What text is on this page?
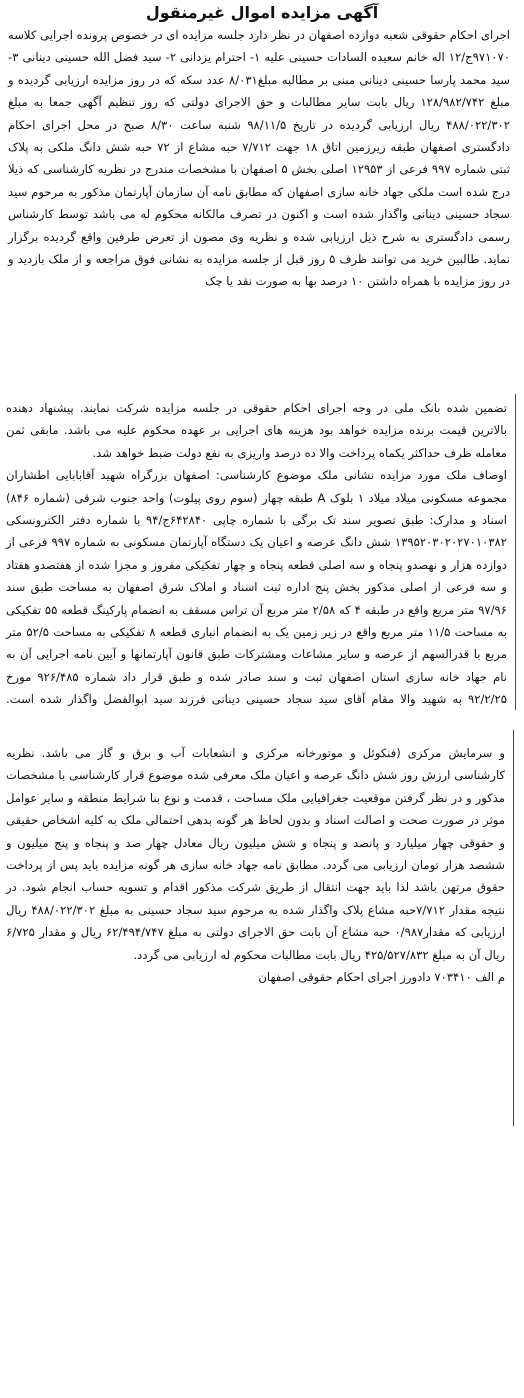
آگهی مزایده اموال غیرمنقول

اجرای احکام حقوقی شعبه دوازده اصفهان در نظر دارد جلسه مزایده ای در خصوص پرونده اجرایی کلاسه ۹۷۱۰۷۰ج/۱۲ اله خانم سعیده السادات حسینی علیه ۱- احترام یزدانی ۲- سید فضل الله حسینی دینانی ۳- سید محمد پارسا حسینی دینانی مبنی بر مطالبه مبلغ۸/۰۳۱ عدد سکه که در روز مزایده ارزیابی گردیده و مبلغ ۱۲۸/۹۸۲/۷۴۲ ریال بابت سایر مطالبات و حق الاجرای دولتی که روز تنظیم آگهی جمعا به مبلغ ۴۸۸/۰۲۲/۳۰۲ ریال ارزیابی گردیده در تاریخ ۹۸/۱۱/۵ شنبه ساعت ۸/۳۰ صبح در محل اجرای احکام دادگستری اصفهان طبقه زیرزمین اتاق ۱۸ جهت ۷/۷۱۲ حبه مشاع از ۷۲ حبه شش دانگ ملکی به پلاک ثبتی شماره ۹۹۷ فرعی از ۱۲۹۵۳ اصلی بخش ۵ اصفهان با مشخصات مندرج در نظریه کارشناسی که ذیلا درج شده است ملکی جهاد خانه سازی اصفهان که مطابق نامه آن سازمان آپارتمان مذکور به مرحوم سید سجاد حسینی دینانی واگذار شده است و اکنون در تصرف مالکانه محکوم له می باشد توسط کارشناس رسمی دادگستری به شرح ذیل ارزیابی شده و نظریه وی مصون از تعرض طرفین واقع گردیده برگزار نماید. طالبین خرید می توانند ظرف ۵ روز قبل از جلسه مزایده به نشانی فوق مراجعه و از ملک بازدید و در روز مزایده با همراه داشتن ۱۰ درصد بها به صورت نقد یا چک

تضمین شده بانک ملی در وجه اجرای احکام حقوقی در جلسه مزایده شرکت نمایند. پیشنهاد دهنده بالاترین قیمت برنده مزایده خواهد بود هزینه های اجرایی بر عهده محکوم علیه می باشد. مابقی ثمن معامله ظرف حداکثر یکماه پرداخت والا ده درصد واریزی به نفع دولت ضبط خواهد شد.

اوصاف ملک مورد مزایده نشانی ملک موضوع کارشناسی: اصفهان بزرگراه شهید آقابابایی اطشاران مجموعه مسکونی میلاد میلاد ۱ بلوک A طبقه چهار (سوم روی پیلوت) واحد جنوب شرقی (شماره ۸۴۶) اسناد و مدارک: طبق تصویر سند تک برگی با شماره چاپی ۶۴۲۸۴۰ج/۹۴ با شماره دفتر الکترونسکی ۱۳۹۵۲۰۳۰۲۰۲۷۰۱۰۳۸۲ شش دانگ عرصه و اعیان یک دستگاه آپارتمان مسکونی به شماره ۹۹۷ فرعی از دوازده هزار و نهصدو پنجاه و سه اصلی قطعه پنجاه و چهار تفکیکی مفروز و مجزا شده از هفتصدو هفتاد و سه فرعی از اصلی مذکور بخش پنج اداره ثبت اسناد و املاک شرق اصفهان به مساحت طبق سند ۹۷/۹۶ متر مربع واقع در طبقه ۴ که ۲/۵۸ متر مربع آن تراس مسقف به انضمام پارکینگ قطعه ۵۵ تفکیکی به مساحت ۱۱/۵ متر مربع واقع در زیر زمین یک به انضمام انباری قطعه ۸ تفکیکی به مساحت ۵۲/۵ متر مربع با قدرالسهم از عرصه و سایر مشاعات ومشترکات طبق قانون آپارتمانها و آیین نامه اجرایی آن به نام جهاد خانه سازی استان اصفهان ثبت و سند صادر شده و طبق قرار داد شماره ۹۲۶/۴۸۵ مورخ ۹۲/۲/۲۵ به شهید والا مقام آقای سید سجاد حسینی دینانی فرزند سید ابوالفضل واگذار شده است.

و سرمایش مرکزی (فنکوئل و موتورخانه مرکزی و انشعابات آب و برق و گاز می باشد. نظریه کارشناسی ارزش روز شش دانگ عرصه و اعیان ملک معرفی شده موضوع قرار کارشناسی با مشخصات مذکور و در نظر گرفتن موقعیت جغرافیایی ملک مساحت ، قدمت و نوع بنا شرایط منطقه و سایر عوامل موثر در صورت صحت و اصالت اسناد و بدون لحاظ هر گونه بدهی احتمالی ملک به کلیه اشخاص حقیقی و حقوقی چهار میلیارد و پانصد و پنجاه و شش میلیون ریال معادل چهار صد و پنجاه و پنج میلیون و ششصد هزار تومان ارزیابی می گردد. مطابق نامه جهاد خانه سازی هر گونه مزایده باید پس از پرداخت حقوق مرتهن باشد لذا باید جهت انتقال از طریق شرکت مذکور اقدام و تسویه حساب انجام شود. در نتیجه مقدار ۷/۷۱۲حبه مشاع پلاک واگذار شده به مرحوم سید سجاد حسینی به مبلغ ۴۸۸/۰۲۲/۳۰۲ ریال ارزیابی که مقدار۰/۹۸۷ حبه مشاع آن بابت حق الاجرای دولتی به مبلغ ۶۲/۴۹۴/۷۴۷ ریال و مقدار ۶/۷۲۵ ریال آن به مبلغ ۴۲۵/۵۲۷/۸۳۲ ریال بابت مطالبات محکوم له ارزیابی می گردد.

م الف ۷۰۳۴۱۰ دادورز اجرای احکام حقوقی اصفهان
